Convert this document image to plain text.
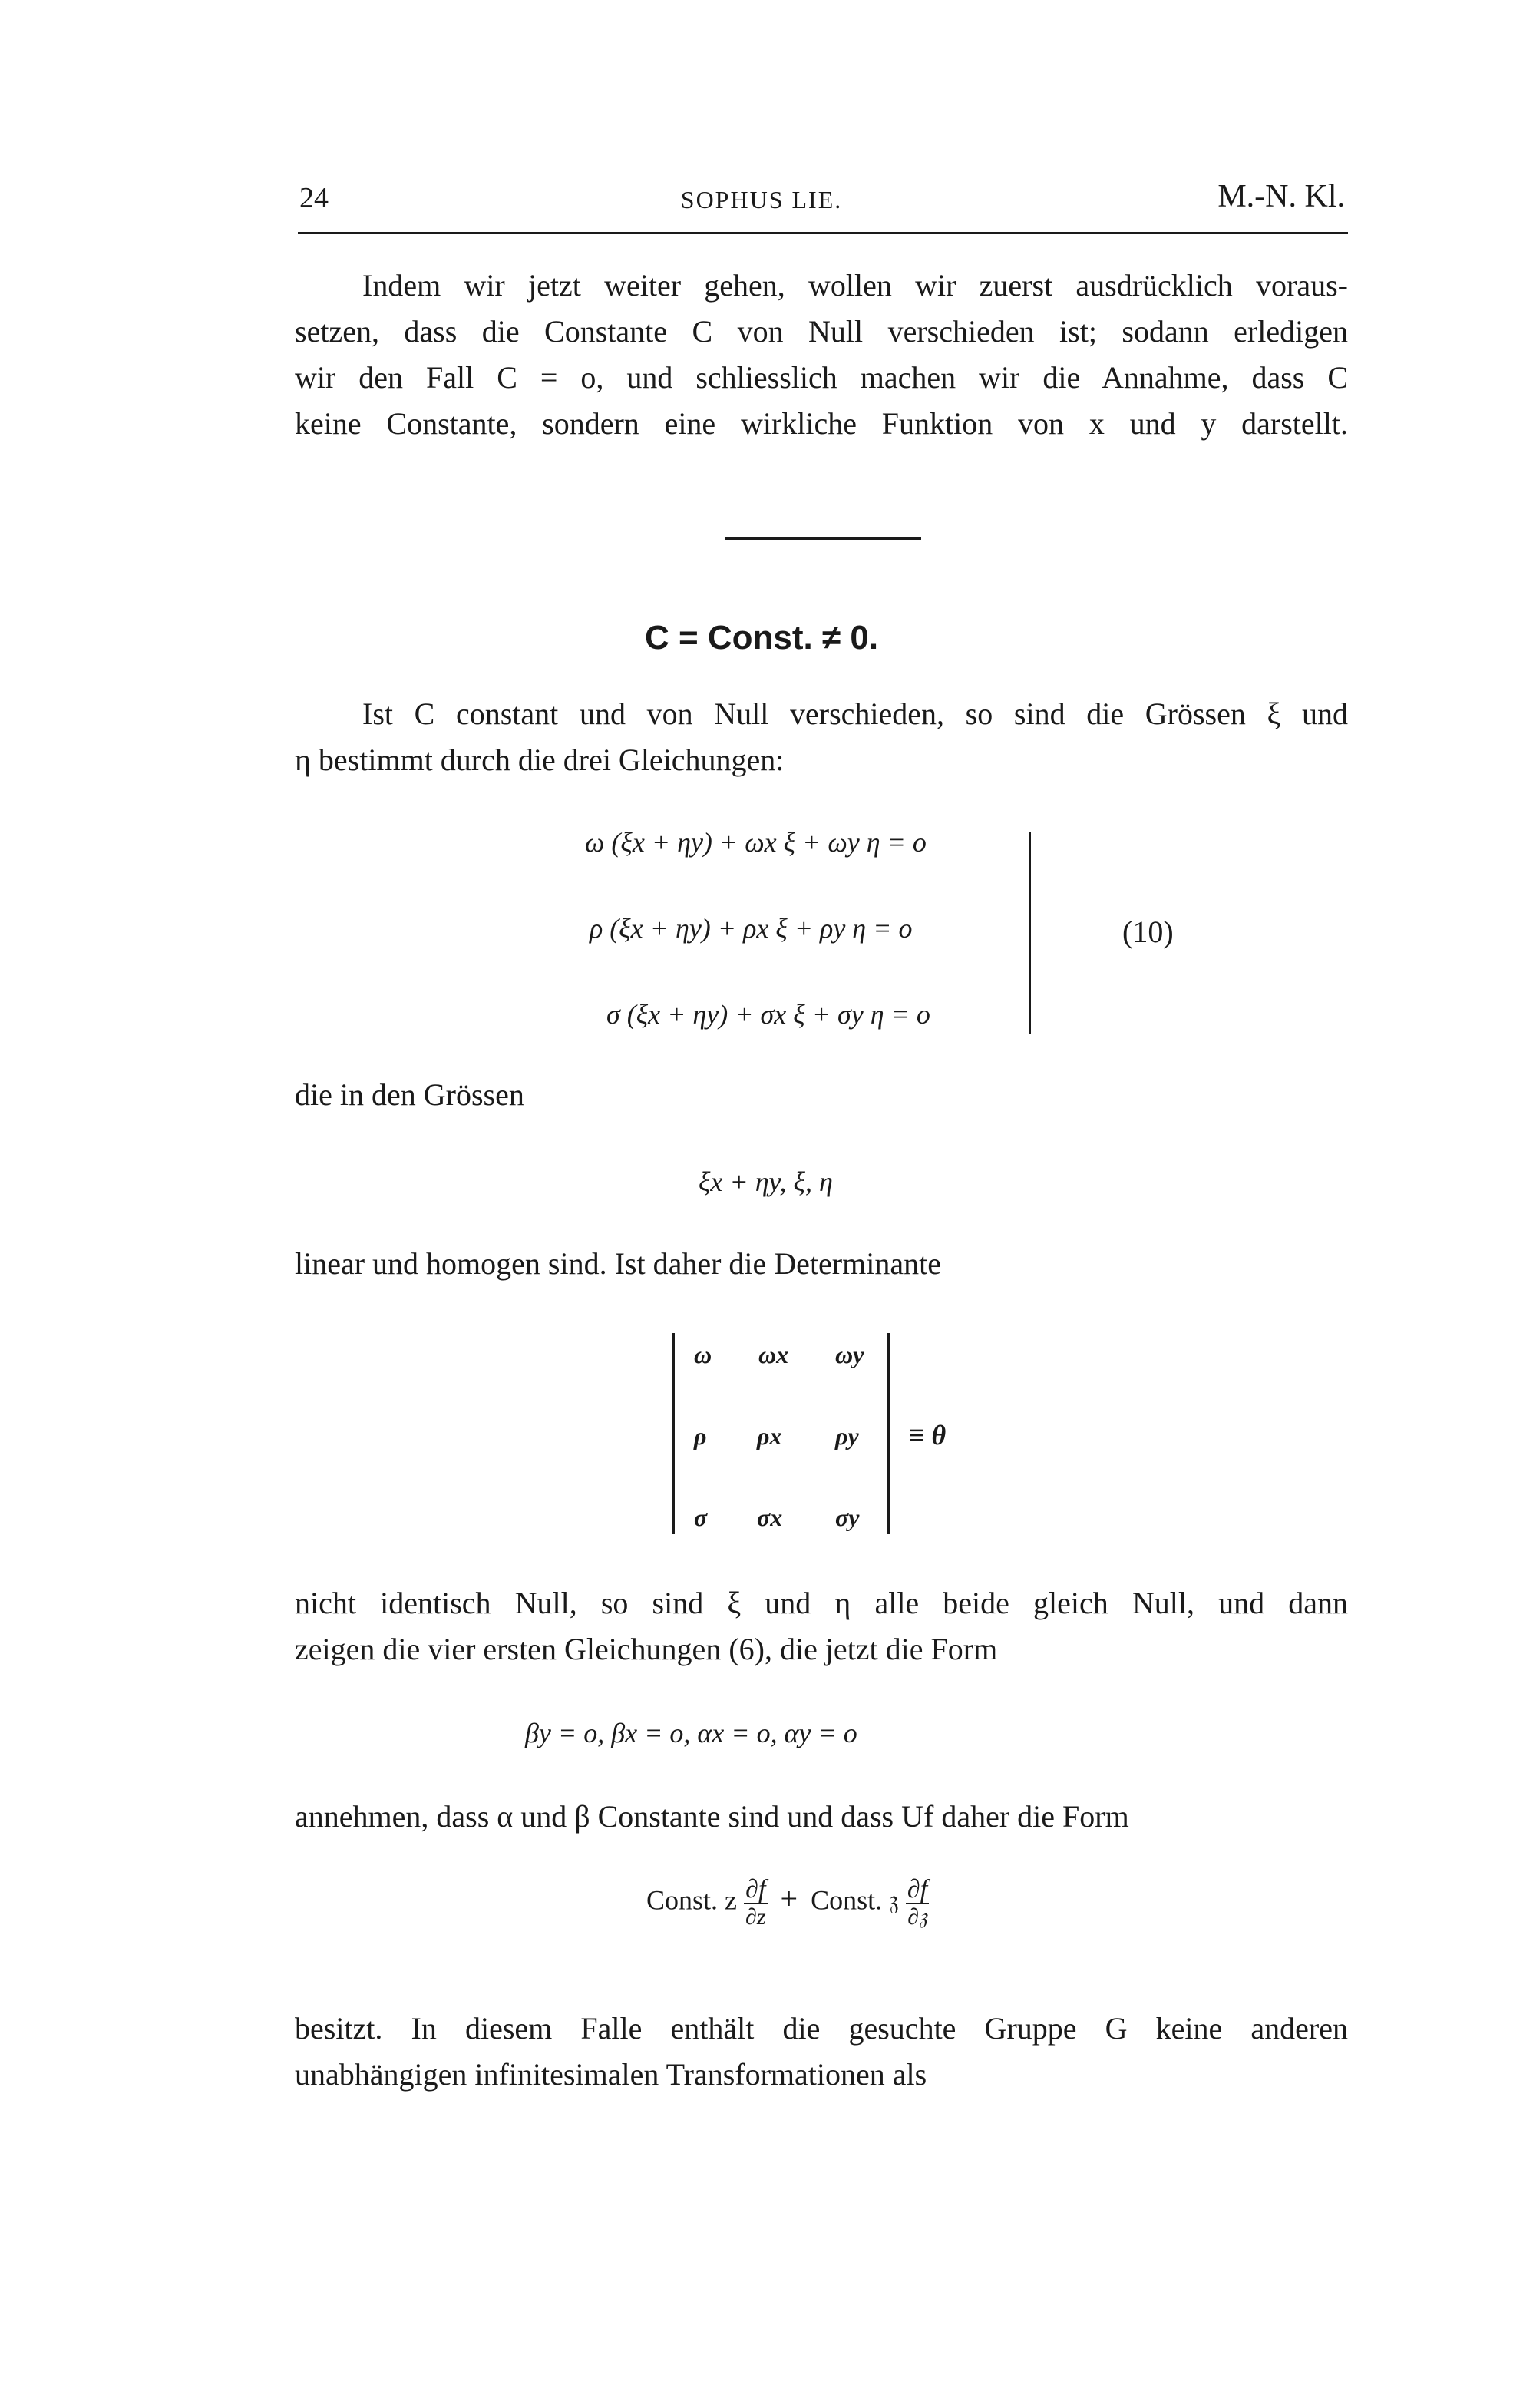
24	SOPHUS LIE.	M.-N. Kl.
Indem wir jetzt weiter gehen, wollen wir zuerst ausdrücklich voraus-
setzen, dass die Constante C von Null verschieden ist; sodann erledigen
wir den Fall C = o, und schliesslich machen wir die Annahme, dass C
keine Constante, sondern eine wirkliche Funktion von x und y darstellt.
C = Const. ≠ 0.
Ist C constant und von Null verschieden, so sind die Grössen ξ und
η bestimmt durch die drei Gleichungen:
ω (ξx + ηy) + ωx ξ + ωy η = o
ρ (ξx + ηy) + ρx ξ + ρy η = o
σ (ξx + ηy) + σx ξ + σy η = o
(10)
die in den Grössen
ξx + ηy, ξ, η
linear und homogen sind. Ist daher die Determinante
ω ωx ωy
ρ ρx ρy
σ σx σy
≡ θ
nicht identisch Null, so sind ξ und η alle beide gleich Null, und dann
zeigen die vier ersten Gleichungen (6), die jetzt die Form
βy = o, βx = o, αx = o, αy = o
annehmen, dass α und β Constante sind und dass Uf daher die Form
Const. z $\frac{\partial f}{\partial z}$ + Const. 𝔷 $\frac{\partial f}{\text{∂𝔷}}$
besitzt. In diesem Falle enthält die gesuchte Gruppe G keine anderen
unabhängigen infinitesimalen Transformationen als
